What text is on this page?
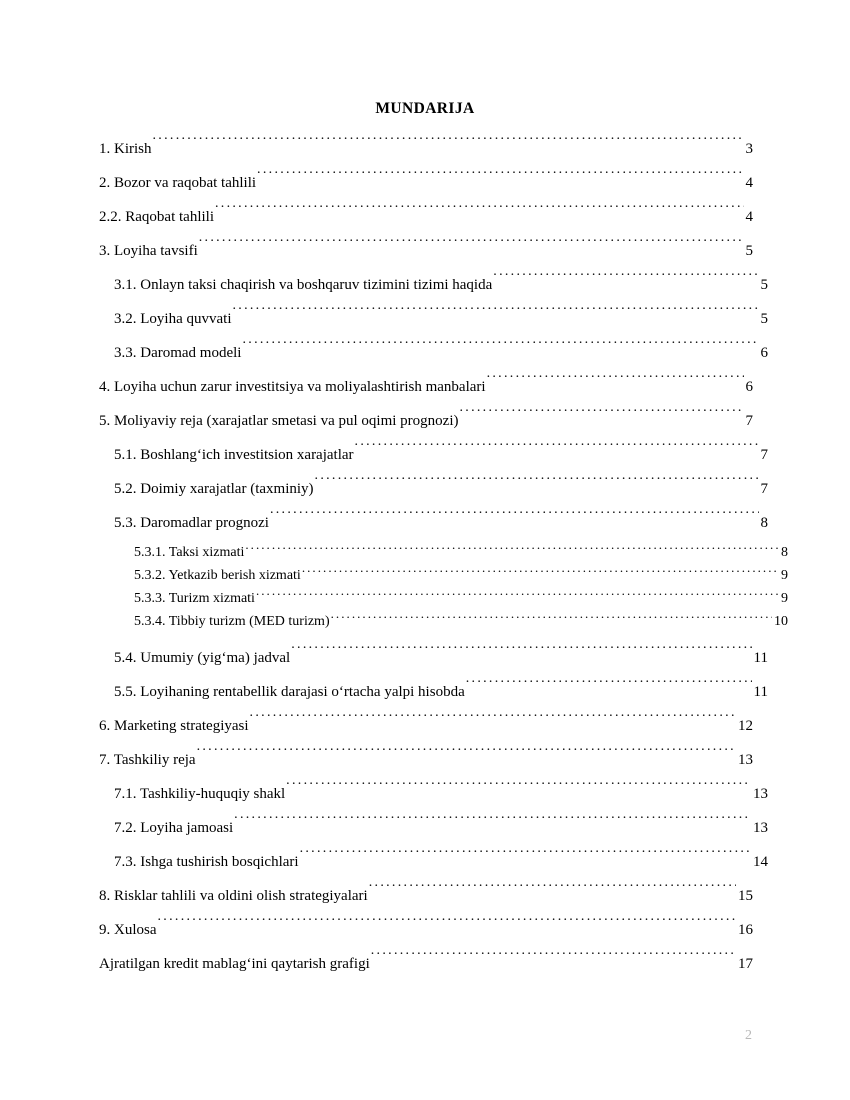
MUNDARIJA
1. Kirish . . .	3
2. Bozor va raqobat tahlili . . .	4
2.2. Raqobat tahlili . . .	4
3. Loyiha tavsifi . . .	5
3.1. Onlayn taksi chaqirish va boshqaruv tizimini tizimi haqida . . .	5
3.2. Loyiha quvvati . . .	5
3.3. Daromad modeli . . .	6
4. Loyiha uchun zarur investitsiya va moliyalashtirish manbalari . . .	6
5. Moliyaviy reja (xarajatlar smetasi va pul oqimi prognozi) . . .	7
5.1. Boshlangʻich investitsion xarajatlar . . .	7
5.2. Doimiy xarajatlar (taxminiy) . . .	7
5.3. Daromadlar prognozi . . .	8
5.3.1. Taksi xizmati . . .	8
5.3.2. Yetkazib berish xizmati . . .	9
5.3.3. Turizm xizmati . . .	9
5.3.4. Tibbiy turizm (MED turizm) . . .	10
5.4. Umumiy (yigʻma) jadval . . .	11
5.5. Loyihaning rentabellik darajasi oʻrtacha yalpi hisobda . . .	11
6. Marketing strategiyasi . . .	12
7. Tashkiliy reja . . .	13
7.1. Tashkiliy-huquqiy shakl . . .	13
7.2. Loyiha jamoasi . . .	13
7.3. Ishga tushirish bosqichlari . . .	14
8. Risklar tahlili va oldini olish strategiyalari . . .	15
9. Xulosa . . .	16
Ajratilgan kredit mablagʻini qaytarish grafigi . . .	17
2
